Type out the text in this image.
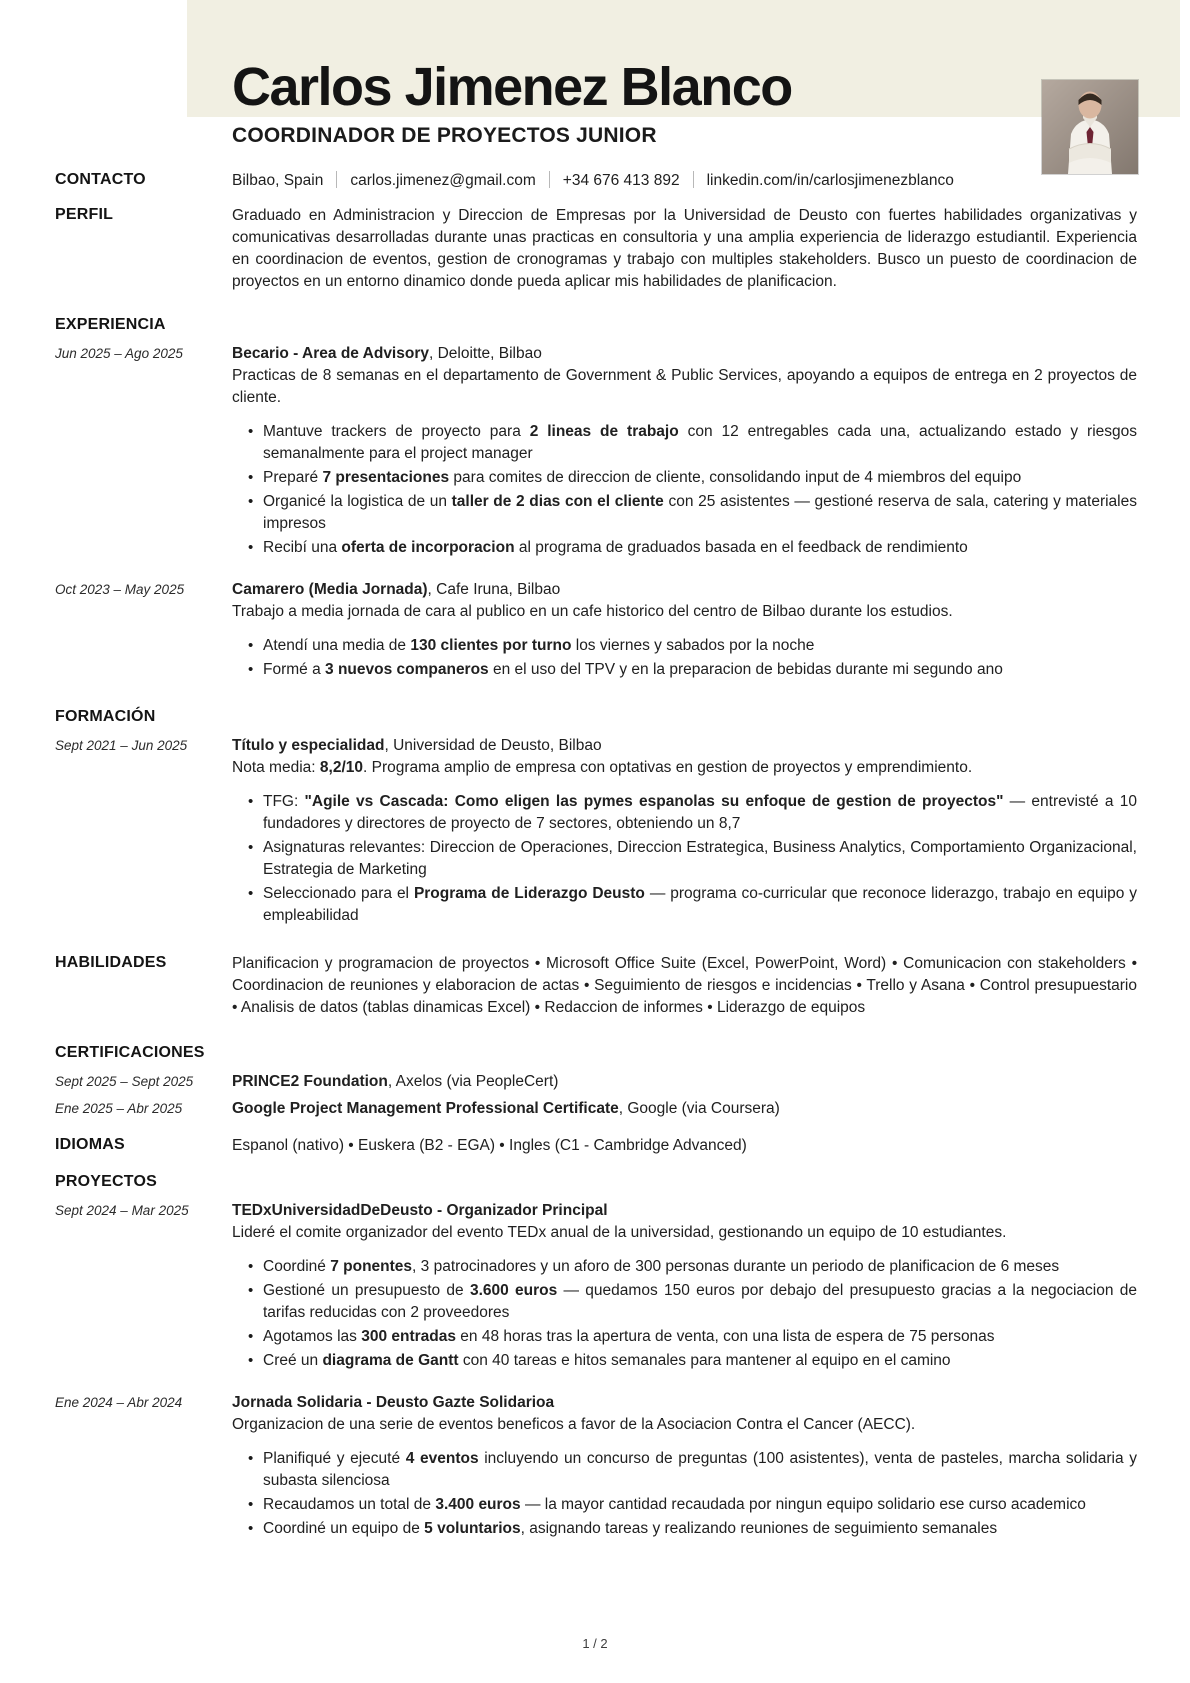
Carlos Jimenez Blanco
COORDINADOR DE PROYECTOS JUNIOR
CONTACTO	Bilbao, Spain carlos.jimenez@gmail.com +34 676 413 892 linkedin.com/in/carlosjimenezblanco
PERFIL	Graduado en Administracion y Direccion de Empresas por la Universidad de Deusto con fuertes habilidades organizativas y comunicativas desarrolladas durante unas practicas en consultoria y una amplia experiencia de liderazgo estudiantil. Experiencia en coordinacion de eventos, gestion de cronogramas y trabajo con multiples stakeholders. Busco un puesto de coordinacion de proyectos en un entorno dinamico donde pueda aplicar mis habilidades de planificacion.
EXPERIENCIA
Jun 2025 – Ago 2025	Becario - Area de Advisory, Deloitte, Bilbao
Practicas de 8 semanas en el departamento de Government & Public Services, apoyando a equipos de entrega en 2 proyectos de cliente.
• Mantuve trackers de proyecto para 2 lineas de trabajo con 12 entregables cada una, actualizando estado y riesgos semanalmente para el project manager
• Preparé 7 presentaciones para comites de direccion de cliente, consolidando input de 4 miembros del equipo
• Organicé la logistica de un taller de 2 dias con el cliente con 25 asistentes — gestioné reserva de sala, catering y materiales impresos
• Recibí una oferta de incorporacion al programa de graduados basada en el feedback de rendimiento
Oct 2023 – May 2025	Camarero (Media Jornada), Cafe Iruna, Bilbao
Trabajo a media jornada de cara al publico en un cafe historico del centro de Bilbao durante los estudios.
• Atendí una media de 130 clientes por turno los viernes y sabados por la noche
• Formé a 3 nuevos companeros en el uso del TPV y en la preparacion de bebidas durante mi segundo ano
FORMACIÓN
Sept 2021 – Jun 2025	Título y especialidad, Universidad de Deusto, Bilbao
Nota media: 8,2/10. Programa amplio de empresa con optativas en gestion de proyectos y emprendimiento.
• TFG: "Agile vs Cascada: Como eligen las pymes espanolas su enfoque de gestion de proyectos" — entrevisté a 10 fundadores y directores de proyecto de 7 sectores, obteniendo un 8,7
• Asignaturas relevantes: Direccion de Operaciones, Direccion Estrategica, Business Analytics, Comportamiento Organizacional, Estrategia de Marketing
• Seleccionado para el Programa de Liderazgo Deusto — programa co-curricular que reconoce liderazgo, trabajo en equipo y empleabilidad
HABILIDADES	Planificacion y programacion de proyectos • Microsoft Office Suite (Excel, PowerPoint, Word) • Comunicacion con stakeholders • Coordinacion de reuniones y elaboracion de actas • Seguimiento de riesgos e incidencias • Trello y Asana • Control presupuestario • Analisis de datos (tablas dinamicas Excel) • Redaccion de informes • Liderazgo de equipos
CERTIFICACIONES
Sept 2025 – Sept 2025	PRINCE2 Foundation, Axelos (via PeopleCert)
Ene 2025 – Abr 2025	Google Project Management Professional Certificate, Google (via Coursera)
IDIOMAS	Espanol (nativo) • Euskera (B2 - EGA) • Ingles (C1 - Cambridge Advanced)
PROYECTOS
Sept 2024 – Mar 2025	TEDxUniversidadDeDeusto - Organizador Principal
Lideré el comite organizador del evento TEDx anual de la universidad, gestionando un equipo de 10 estudiantes.
• Coordiné 7 ponentes, 3 patrocinadores y un aforo de 300 personas durante un periodo de planificacion de 6 meses
• Gestioné un presupuesto de 3.600 euros — quedamos 150 euros por debajo del presupuesto gracias a la negociacion de tarifas reducidas con 2 proveedores
• Agotamos las 300 entradas en 48 horas tras la apertura de venta, con una lista de espera de 75 personas
• Creé un diagrama de Gantt con 40 tareas e hitos semanales para mantener al equipo en el camino
Ene 2024 – Abr 2024	Jornada Solidaria - Deusto Gazte Solidarioa
Organizacion de una serie de eventos beneficos a favor de la Asociacion Contra el Cancer (AECC).
• Planifiqué y ejecuté 4 eventos incluyendo un concurso de preguntas (100 asistentes), venta de pasteles, marcha solidaria y subasta silenciosa
• Recaudamos un total de 3.400 euros — la mayor cantidad recaudada por ningun equipo solidario ese curso academico
• Coordiné un equipo de 5 voluntarios, asignando tareas y realizando reuniones de seguimiento semanales
1 / 2
